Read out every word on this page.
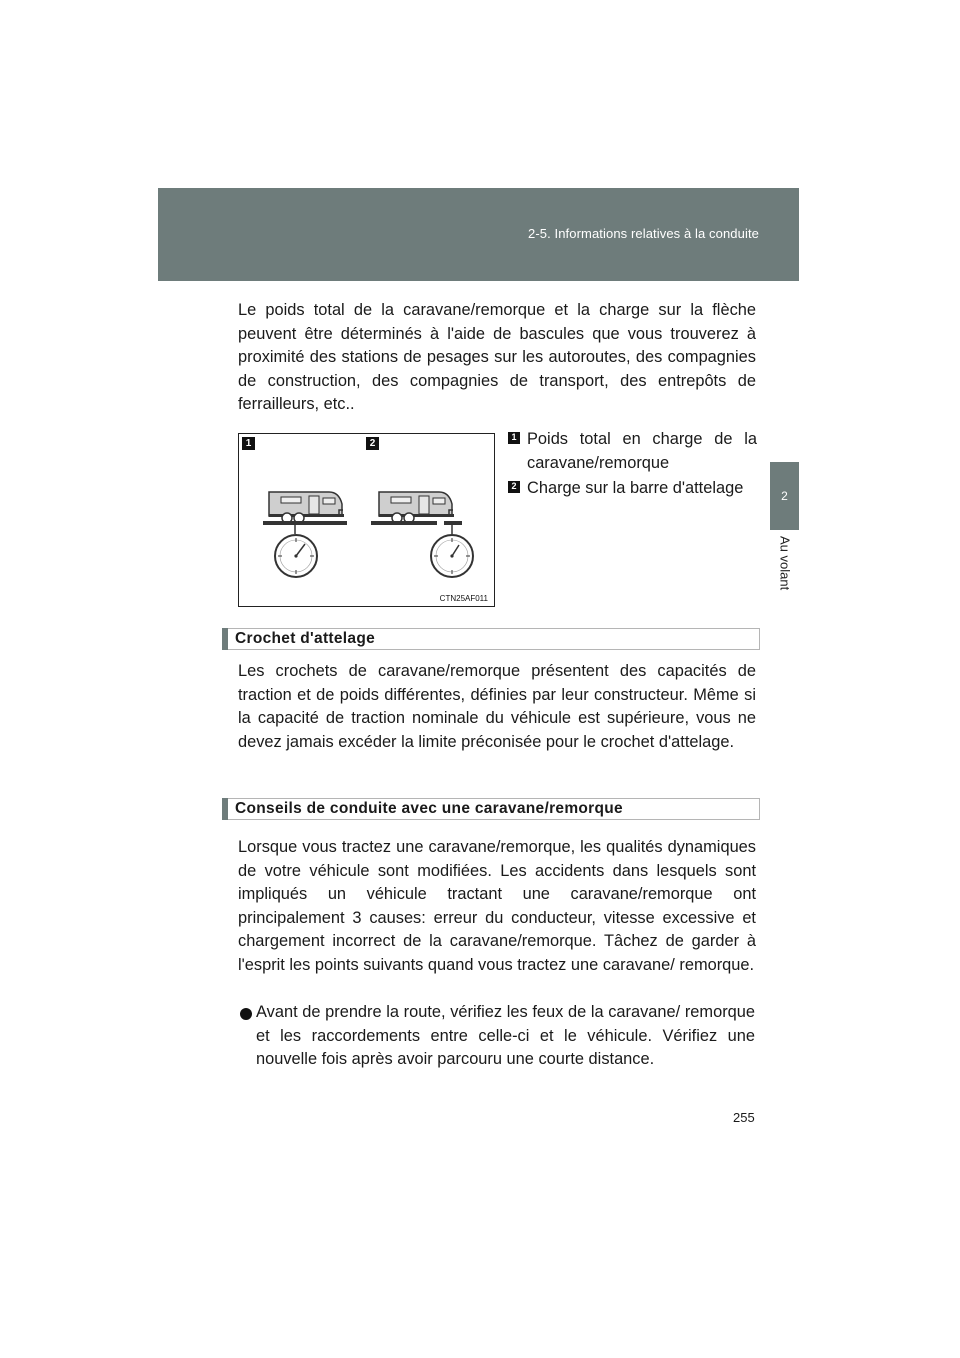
2-5. Informations relatives à la conduite
2
Au volant

Le poids total de la caravane/remorque et la charge sur la flèche peuvent être déterminés à l'aide de bascules que vous trouverez à proximité des stations de pesages sur les autoroutes, des compagnies de construction, des compagnies de transport, des entrepôts de ferrailleurs, etc..

1	2
CTN25AF011
1 Poids total en charge de la caravane/remorque
2 Charge sur la barre d'attelage
Crochet d'attelage

Les crochets de caravane/remorque présentent des capacités de traction et de poids différentes, définies par leur constructeur. Même si la capacité de traction nominale du véhicule est supérieure, vous ne devez jamais excéder la limite préconisée pour le crochet d'attelage.

Conseils de conduite avec une caravane/remorque

Lorsque vous tractez une caravane/remorque, les qualités dynamiques de votre véhicule sont modifiées. Les accidents dans lesquels sont impliqués un véhicule tractant une caravane/remorque ont principalement 3 causes: erreur du conducteur, vitesse excessive et chargement incorrect de la caravane/remorque. Tâchez de garder à l'esprit les points suivants quand vous tractez une caravane/ remorque.

Avant de prendre la route, vérifiez les feux de la caravane/ remorque et les raccordements entre celle-ci et le véhicule. Vérifiez une nouvelle fois après avoir parcouru une courte distance.

255
